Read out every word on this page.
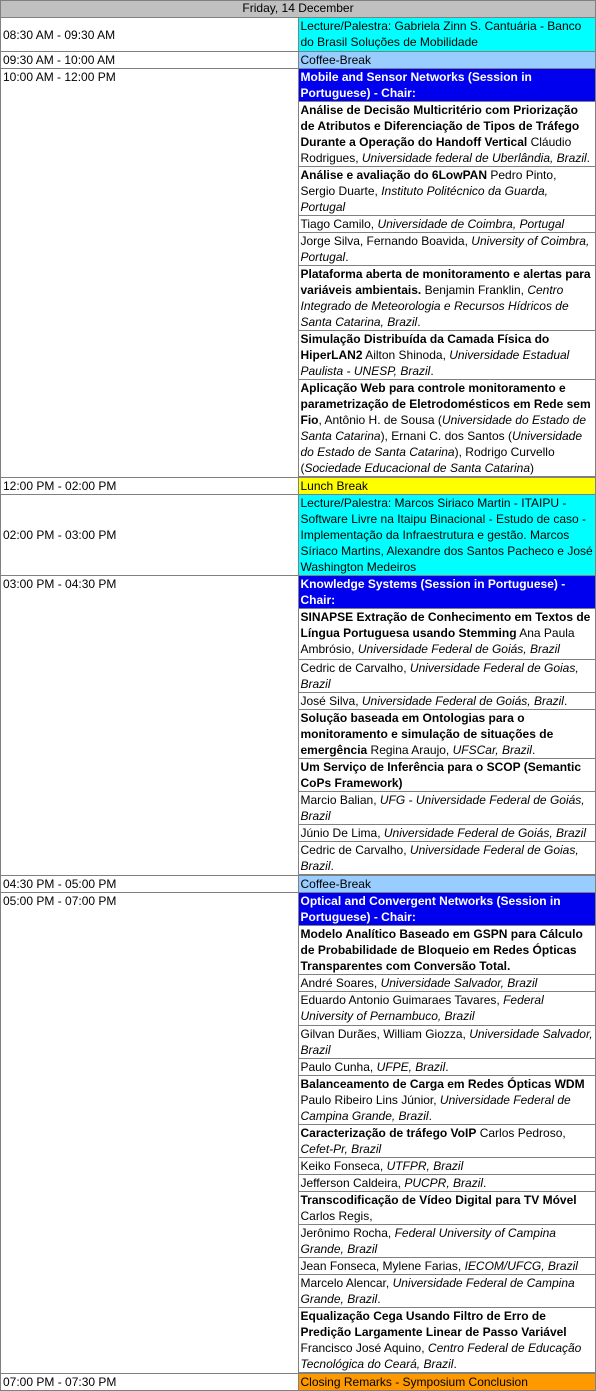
Friday, 14 December	
08:30 AM - 09:30 AM	Lecture/Palestra: Gabriela Zinn S. Cantuária - Banco do Brasil Soluções de Mobilidade
09:30 AM - 10:00 AM	Coffee-Break
10:00 AM - 12:00 PM	Mobile and Sensor Networks (Session in Portuguese) - Chair:
	Análise de Decisão Multicritério com Priorização de Atributos e Diferenciação de Tipos de Tráfego Durante a Operação do Handoff Vertical Cláudio Rodrigues, Universidade federal de Uberlândia, Brazil.
	Análise e avaliação do 6LowPAN Pedro Pinto, Sergio Duarte, Instituto Politécnico da Guarda, Portugal
	Tiago Camilo, Universidade de Coimbra, Portugal
	Jorge Silva, Fernando Boavida, University of Coimbra, Portugal.
	Plataforma aberta de monitoramento e alertas para variáveis ambientais. Benjamin Franklin, Centro Integrado de Meteorologia e Recursos Hídricos de Santa Catarina, Brazil.
	Simulação Distribuída da Camada Física do HiperLAN2 Ailton Shinoda, Universidade Estadual Paulista - UNESP, Brazil.
	Aplicação Web para controle monitoramento e parametrização de Eletrodomésticos em Rede sem Fio, Antônio H. de Sousa (Universidade do Estado de Santa Catarina), Ernani C. dos Santos (Universidade do Estado de Santa Catarina), Rodrigo Curvello (Sociedade Educacional de Santa Catarina)

12:00 PM - 02:00 PM	Lunch Break
02:00 PM - 03:00 PM	Lecture/Palestra: Marcos Siriaco Martin - ITAIPU - Software Livre na Itaipu Binacional - Estudo de caso - Implementação da Infraestrutura e gestão. Marcos Síriaco Martins, Alexandre dos Santos Pacheco e José Washington Medeiros
03:00 PM - 04:30 PM	Knowledge Systems (Session in Portuguese) - Chair:
	SINAPSE Extração de Conhecimento em Textos de Língua Portuguesa usando Stemming Ana Paula Ambrósio, Universidade Federal de Goiás, Brazil
	Cedric de Carvalho, Universidade Federal de Goias, Brazil
	José Silva, Universidade Federal de Goiás, Brazil.
	Solução baseada em Ontologias para o monitoramento e simulação de situações de emergência Regina Araujo, UFSCar, Brazil.
	Um Serviço de Inferência para o SCOP (Semantic CoPs Framework)
	Marcio Balian, UFG - Universidade Federal de Goiás, Brazil
	Júnio De Lima, Universidade Federal de Goiás, Brazil
	Cedric de Carvalho, Universidade Federal de Goias, Brazil.

04:30 PM - 05:00 PM	Coffee-Break
05:00 PM - 07:00 PM	Optical and Convergent Networks (Session in Portuguese) - Chair:
	Modelo Analítico Baseado em GSPN para Cálculo de Probabilidade de Bloqueio em Redes Ópticas Transparentes com Conversão Total.
	André Soares, Universidade Salvador, Brazil
	Eduardo Antonio Guimaraes Tavares, Federal University of Pernambuco, Brazil
	Gilvan Durães, William Giozza, Universidade Salvador, Brazil
	Paulo Cunha, UFPE, Brazil.
	Balanceamento de Carga em Redes Ópticas WDM Paulo Ribeiro Lins Júnior, Universidade Federal de Campina Grande, Brazil.
	Caracterização de tráfego VoIP Carlos Pedroso, Cefet-Pr, Brazil
	Keiko Fonseca, UTFPR, Brazil
	Jefferson Caldeira, PUCPR, Brazil.
	Transcodificação de Vídeo Digital para TV Móvel Carlos Regis,
	Jerônimo Rocha, Federal University of Campina Grande, Brazil
	Jean Fonseca, Mylene Farias, IECOM/UFCG, Brazil
	Marcelo Alencar, Universidade Federal de Campina Grande, Brazil.
	Equalização Cega Usando Filtro de Erro de Predição Largamente Linear de Passo Variável Francisco José Aquino, Centro Federal de Educação Tecnológica do Ceará, Brazil.

07:00 PM - 07:30 PM	Closing Remarks - Symposium Conclusion
